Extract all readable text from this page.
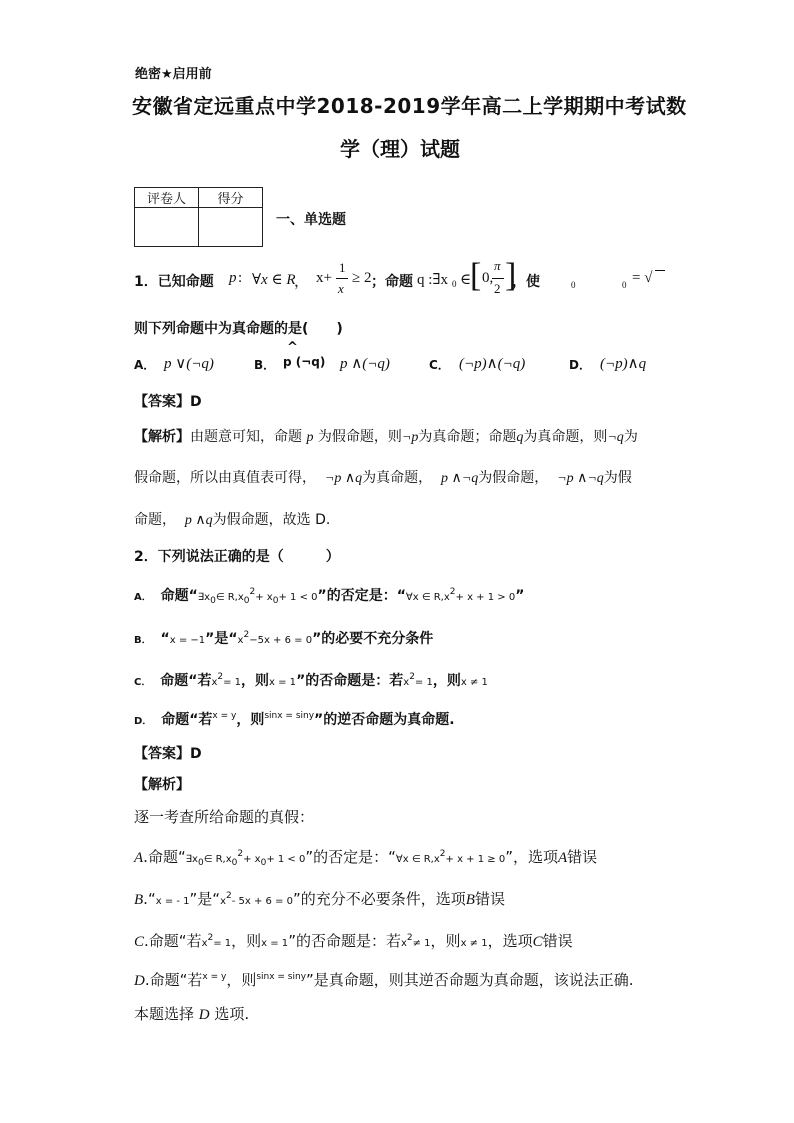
绝密★启用前
安徽省定远重点中学2018-2019学年高二上学期期中考试数
学（理）试题
评卷人	得分

一、单选题
1．已知命题 p : ∀x ∈ R
， x+
1
x
≥ 2 ；命题 q :∃x 0 ∈
[ 0,
π
2 ]
，使	0	0 = √
则下列命题中为真命题的是(　　)
A． p ∨(¬q)	B．
^
p (¬q) p ∧(¬q)	C． (¬p)∧(¬q)	D． (¬p)∧q
【答案】D
【解析】由题意可知，命题 p 为假命题，则¬p为真命题；命题q为真命题，则¬q为
假命题，所以由真值表可得， ¬p ∧q为真命题， p ∧¬q为假命题， ¬p ∧¬q为假
命题， p ∧q为假命题，故选 D.
2．下列说法正确的是（　　　）
A． 命题“$\exists x_0\in$ $R,x_0^2+ x_0+ 1 < 0$”的否定是：“∀x ∈ $R,x^2+ x + 1 > 0$”
B． “x = −1”是“$x^2-5x + 6 = 0$”的必要不充分条件
C． 命题“若$x^2= 1$，则x = 1”的否命题是：若$x^2= 1$，则x ≠ 1
D． 命题“若$^{x = y}$，则$^{sinx = siny}$”的逆否命题为真命题.
【答案】D
【解析】
逐一考查所给命题的真假：
A.命题“$\exists x_0\in$ $R,x_0^2+ x_0+ 1 < 0$”的否定是：“∀x ∈ $R,x^2+ x + 1 \ge 0$”，选项A错误
B.“x = - 1”是“$x^2-$ 5x + 6 = 0”的充分不必要条件，选项B错误
C.命题“若$x^2= 1$，则x = 1”的否命题是：若$x^2\ne 1$，则x ≠ 1，选项C错误
D.命题“若$^{x = y}$，则$^{sinx = siny}$”是真命题，则其逆否命题为真命题，该说法正确.
本题选择 D 选项.
